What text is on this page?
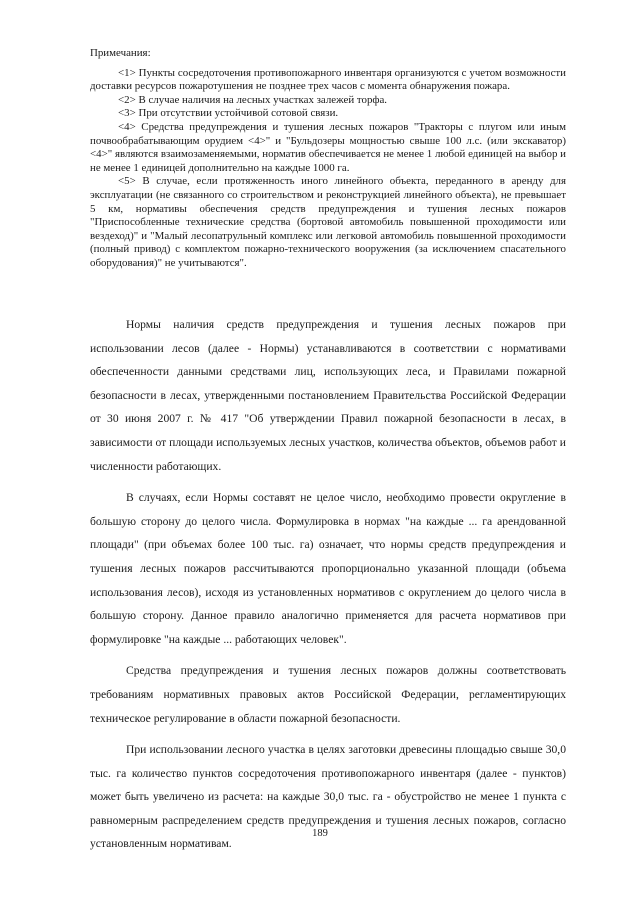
Примечания:

<1> Пункты сосредоточения противопожарного инвентаря организуются с учетом возможности доставки ресурсов пожаротушения не позднее трех часов с момента обнаружения пожара.

<2> В случае наличия на лесных участках залежей торфа.

<3> При отсутствии устойчивой сотовой связи.

<4> Средства предупреждения и тушения лесных пожаров "Тракторы с плугом или иным почвообрабатывающим орудием <4>" и "Бульдозеры мощностью свыше 100 л.с. (или экскаватор) <4>" являются взаимозаменяемыми, норматив обеспечивается не менее 1 любой единицей на выбор и не менее 1 единицей дополнительно на каждые 1000 га.

<5> В случае, если протяженность иного линейного объекта, переданного в аренду для эксплуатации (не связанного со строительством и реконструкцией линейного объекта), не превышает 5 км, нормативы обеспечения средств предупреждения и тушения лесных пожаров "Приспособленные технические средства (бортовой автомобиль повышенной проходимости или вездеход)" и "Малый лесопатрульный комплекс или легковой автомобиль повышенной проходимости (полный привод) с комплектом пожарно-технического вооружения (за исключением спасательного оборудования)" не учитываются".

Нормы наличия средств предупреждения и тушения лесных пожаров при использовании лесов (далее - Нормы) устанавливаются в соответствии с нормативами обеспеченности данными средствами лиц, использующих леса, и Правилами пожарной безопасности в лесах, утвержденными постановлением Правительства Российской Федерации от 30 июня 2007 г. № 417 "Об утверждении Правил пожарной безопасности в лесах, в зависимости от площади используемых лесных участков, количества объектов, объемов работ и численности работающих.

В случаях, если Нормы составят не целое число, необходимо провести округление в большую сторону до целого числа. Формулировка в нормах "на каждые ... га арендованной площади" (при объемах более 100 тыс. га) означает, что нормы средств предупреждения и тушения лесных пожаров рассчитываются пропорционально указанной площади (объема использования лесов), исходя из установленных нормативов с округлением до целого числа в большую сторону. Данное правило аналогично применяется для расчета нормативов при формулировке "на каждые ... работающих человек".

Средства предупреждения и тушения лесных пожаров должны соответствовать требованиям нормативных правовых актов Российской Федерации, регламентирующих техническое регулирование в области пожарной безопасности.

При использовании лесного участка в целях заготовки древесины площадью свыше 30,0 тыс. га количество пунктов сосредоточения противопожарного инвентаря (далее - пунктов) может быть увеличено из расчета: на каждые 30,0 тыс. га - обустройство не менее 1 пункта с равномерным распределением средств предупреждения и тушения лесных пожаров, согласно установленным нормативам.

189
